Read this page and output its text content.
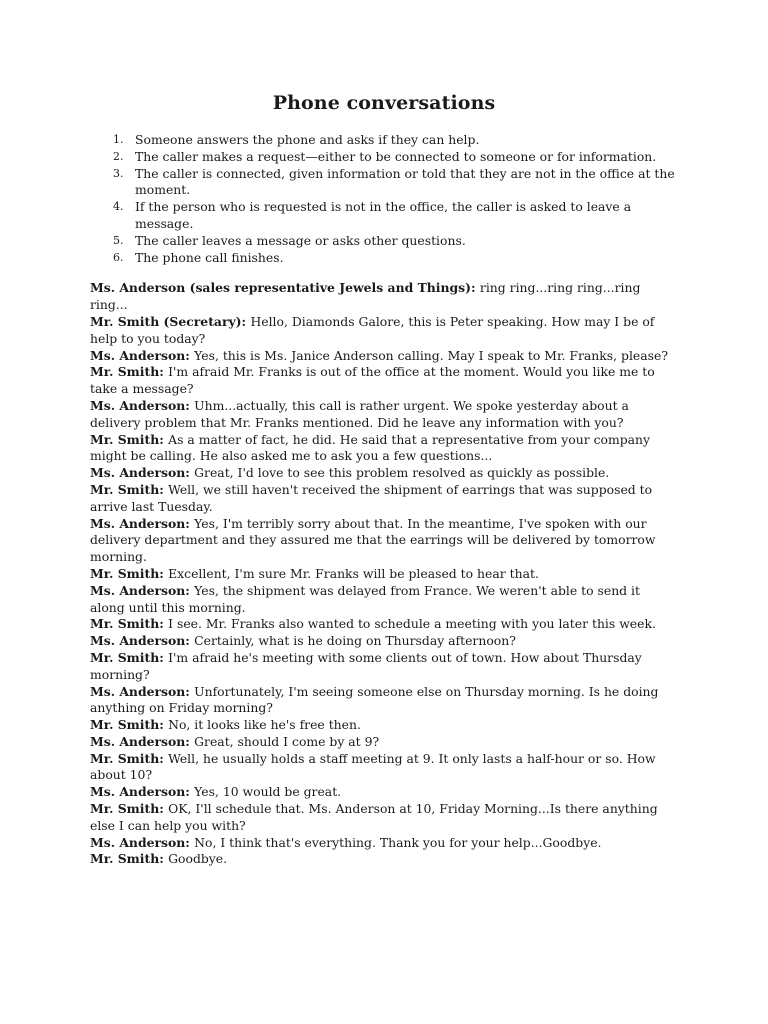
Phone conversations
1. Someone answers the phone and asks if they can help.
2. The caller makes a request—either to be connected to someone or for information.
3. The caller is connected, given information or told that they are not in the office at the moment.
4. If the person who is requested is not in the office, the caller is asked to leave a message.
5. The caller leaves a message or asks other questions.
6. The phone call finishes.

Ms. Anderson (sales representative Jewels and Things): ring ring...ring ring...ring ring...

Mr. Smith (Secretary): Hello, Diamonds Galore, this is Peter speaking. How may I be of help to you today?

Ms. Anderson: Yes, this is Ms. Janice Anderson calling. May I speak to Mr. Franks, please?

Mr. Smith: I'm afraid Mr. Franks is out of the office at the moment. Would you like me to take a message?

Ms. Anderson: Uhm...actually, this call is rather urgent. We spoke yesterday about a delivery problem that Mr. Franks mentioned. Did he leave any information with you?

Mr. Smith: As a matter of fact, he did. He said that a representative from your company might be calling. He also asked me to ask you a few questions...

Ms. Anderson: Great, I'd love to see this problem resolved as quickly as possible.

Mr. Smith: Well, we still haven't received the shipment of earrings that was supposed to arrive last Tuesday.

Ms. Anderson: Yes, I'm terribly sorry about that. In the meantime, I've spoken with our delivery department and they assured me that the earrings will be delivered by tomorrow morning.

Mr. Smith: Excellent, I'm sure Mr. Franks will be pleased to hear that.

Ms. Anderson: Yes, the shipment was delayed from France. We weren't able to send it along until this morning.

Mr. Smith: I see. Mr. Franks also wanted to schedule a meeting with you later this week.

Ms. Anderson: Certainly, what is he doing on Thursday afternoon?

Mr. Smith: I'm afraid he's meeting with some clients out of town. How about Thursday morning?

Ms. Anderson: Unfortunately, I'm seeing someone else on Thursday morning. Is he doing anything on Friday morning?

Mr. Smith: No, it looks like he's free then.

Ms. Anderson: Great, should I come by at 9?

Mr. Smith: Well, he usually holds a staff meeting at 9. It only lasts a half-hour or so. How about 10?

Ms. Anderson: Yes, 10 would be great.

Mr. Smith: OK, I'll schedule that. Ms. Anderson at 10, Friday Morning...Is there anything else I can help you with?

Ms. Anderson: No, I think that's everything. Thank you for your help...Goodbye.

Mr. Smith: Goodbye.
